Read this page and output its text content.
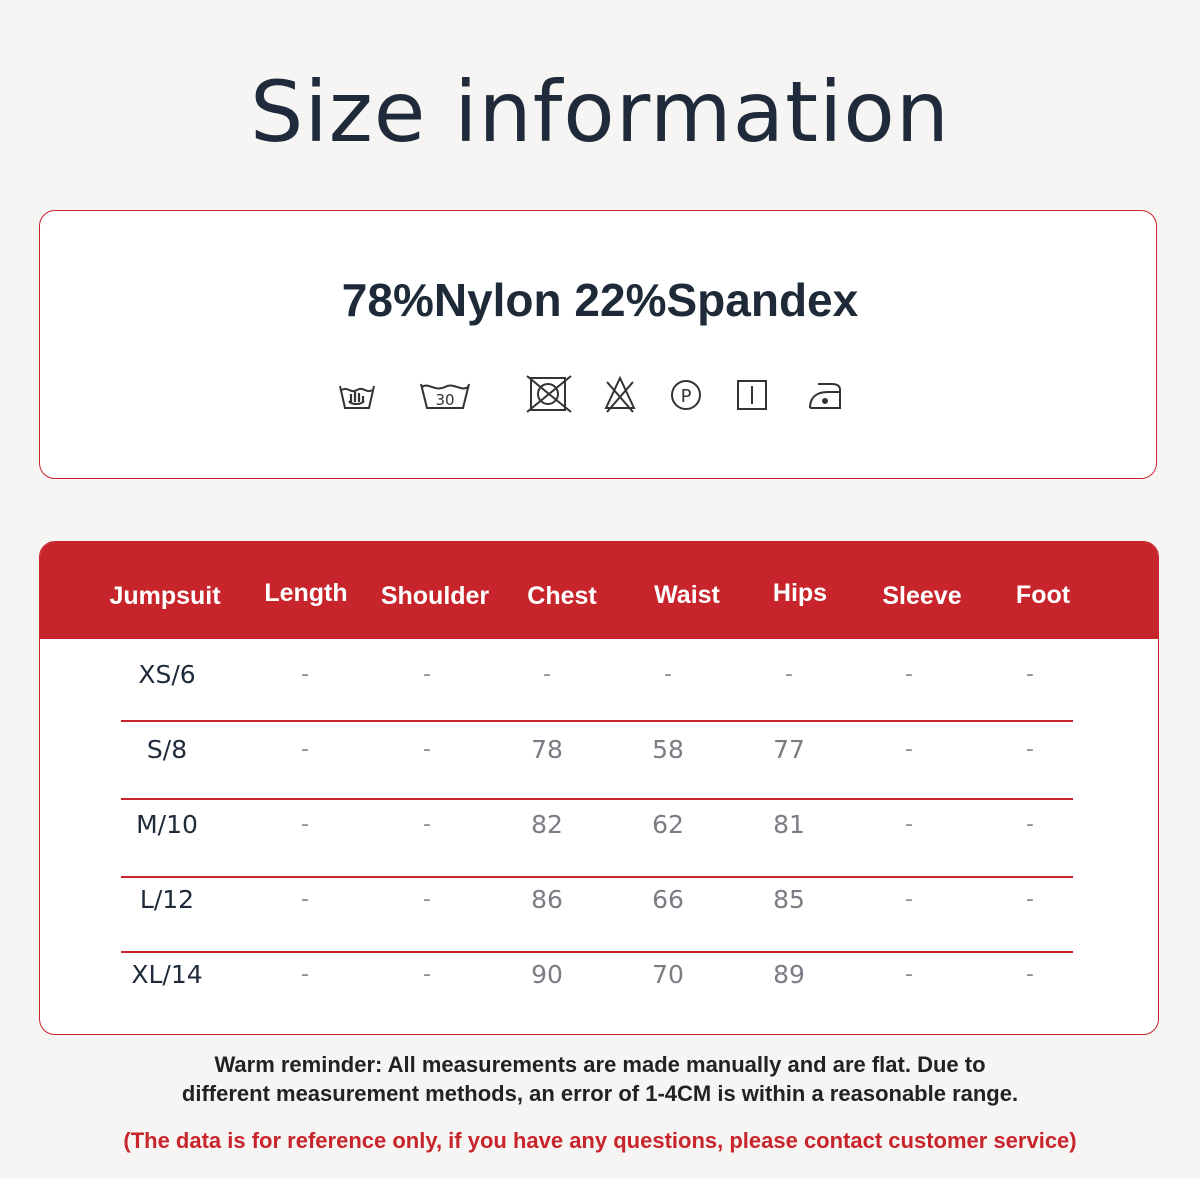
Size information
78%Nylon 22%Spandex
30	P
Jumpsuit Length Shoulder Chest Waist Hips Sleeve Foot
XS/6	-	-	-	-	-	-	-
S/8	-	-	78	58	77	-	-
M/10	-	-	82	62	81	-	-
L/12	-	-	86	66	85	-	-
XL/14	-	-	90	70	89	-	-
Warm reminder: All measurements are made manually and are flat. Due to
different measurement methods, an error of 1-4CM is within a reasonable range.
(The data is for reference only, if you have any questions, please contact customer service)
